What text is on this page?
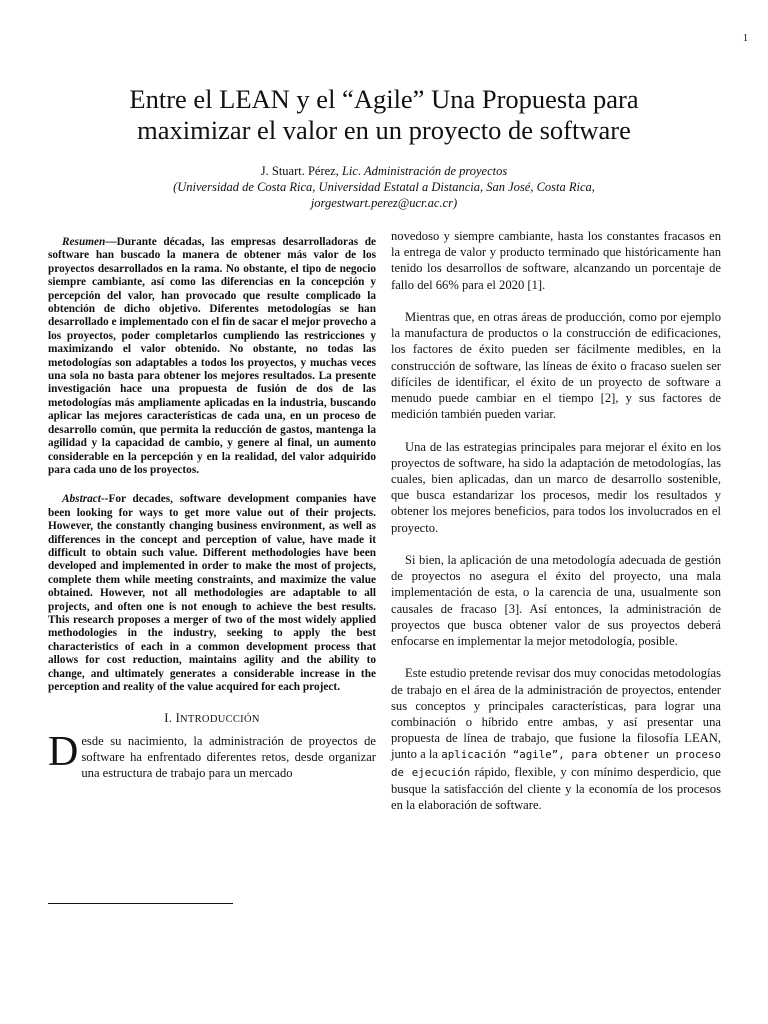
1
Entre el LEAN y el “Agile” Una Propuesta para
maximizar el valor en un proyecto de software
J. Stuart. Pérez, Lic. Administración de proyectos
(Universidad de Costa Rica, Universidad Estatal a Distancia, San José, Costa Rica,
jorgestwart.perez@ucr.ac.cr)
Resumen—Durante décadas, las empresas desarrolladoras de software han buscado la manera de obtener más valor de los proyectos desarrollados en la rama. No obstante, el tipo de negocio siempre cambiante, así como las diferencias en la concepción y percepción del valor, han provocado que resulte complicado la obtención de dicho objetivo. Diferentes metodologías se han desarrollado e implementado con el fin de sacar el mejor provecho a los proyectos, poder completarlos cumpliendo las restricciones y maximizando el valor obtenido. No obstante, no todas las metodologías son adaptables a todos los proyectos, y muchas veces una sola no basta para obtener los mejores resultados. La presente investigación hace una propuesta de fusión de dos de las metodologías más ampliamente aplicadas en la industria, buscando aplicar las mejores características de cada una, en un proceso de desarrollo común, que permita la reducción de gastos, mantenga la agilidad y la capacidad de cambio, y genere al final, un aumento considerable en la percepción y en la realidad, del valor adquirido para cada uno de los proyectos.
Abstract--For decades, software development companies have been looking for ways to get more value out of their projects. However, the constantly changing business environment, as well as differences in the concept and perception of value, have made it difficult to obtain such value. Different methodologies have been developed and implemented in order to make the most of projects, complete them while meeting constraints, and maximize the value obtained. However, not all methodologies are adaptable to all projects, and often one is not enough to achieve the best results. This research proposes a merger of two of the most widely applied methodologies in the industry, seeking to apply the best characteristics of each in a common development process that allows for cost reduction, maintains agility and the ability to change, and ultimately generates a considerable increase in the perception and reality of the value acquired for each project.
I. INTRODUCCIÓN
Desde su nacimiento, la administración de proyectos de software ha enfrentado diferentes retos, desde organizar una estructura de trabajo para un mercado

novedoso y siempre cambiante, hasta los constantes fracasos en la entrega de valor y producto terminado que históricamente han tenido los desarrollos de software, alcanzando un porcentaje de fallo del 66% para el 2020 [1].

Mientras que, en otras áreas de producción, como por ejemplo la manufactura de productos o la construcción de edificaciones, los factores de éxito pueden ser fácilmente medibles, en la construcción de software, las líneas de éxito o fracaso suelen ser difíciles de identificar, el éxito de un proyecto de software a menudo puede cambiar en el tiempo [2], y sus factores de medición también pueden variar.

Una de las estrategias principales para mejorar el éxito en los proyectos de software, ha sido la adaptación de metodologías, las cuales, bien aplicadas, dan un marco de desarrollo sostenible, que busca estandarizar los procesos, medir los resultados y obtener los mejores beneficios, para todos los involucrados en el proyecto.

Si bien, la aplicación de una metodología adecuada de gestión de proyectos no asegura el éxito del proyecto, una mala implementación de esta, o la carencia de una, usualmente son causales de fracaso [3]. Así entonces, la administración de proyectos que busca obtener valor de sus proyectos deberá enfocarse en implementar la mejor metodología, posible.

Este estudio pretende revisar dos muy conocidas metodologías de trabajo en el área de la administración de proyectos, entender sus conceptos y principales características, para lograr una combinación o híbrido entre ambas, y así presentar una propuesta de línea de trabajo, que fusione la filosofía LEAN, junto a la aplicación “agile”, para obtener un proceso de ejecución rápido, flexible, y con mínimo desperdicio, que busque la satisfacción del cliente y la economía de los procesos en la elaboración de software.
